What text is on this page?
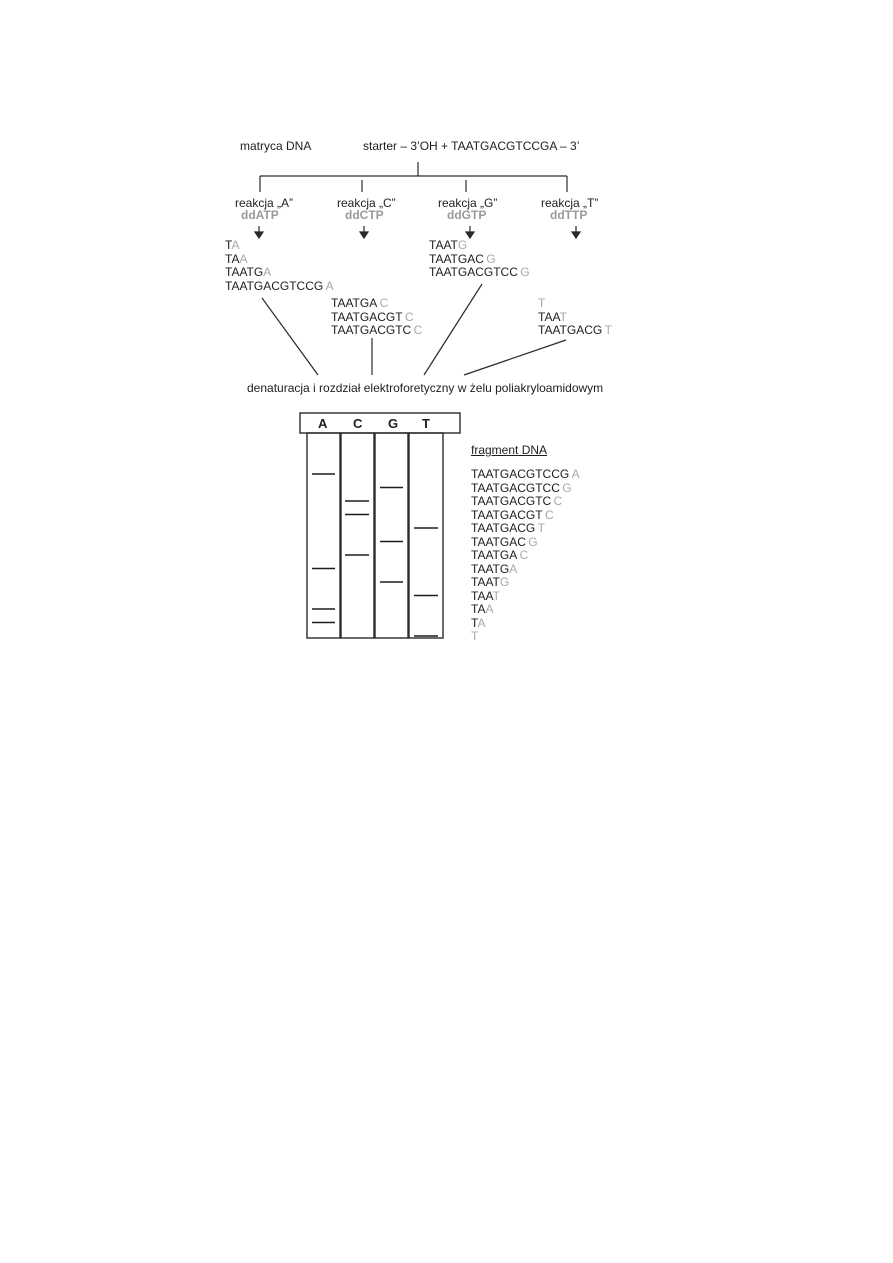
matryca DNA	starter – 3’OH + TAATGACGTCCGA – 3’
reakcja „A”
ddATP
reakcja „C”
ddCTP
reakcja „G”
ddGTP
reakcja „T”
ddTTP
TA
TAA
TAATGA
TAATGACGTCCG A
TAATGA C
TAATGACGT C
TAATGACGTC C
TAATG
TAATGAC G
TAATGACGTCC G
T
TAAT
TAATGACG T
denaturacja i rozdział elektroforetyczny w żelu poliakryloamidowym
A C G T
fragment DNA
TAATGACGTCCG A
TAATGACGTCC G
TAATGACGTC C
TAATGACGT C
TAATGACG T
TAATGAC G
TAATGA C
TAATGA
TAATG
TAAT
TAA
TA
T
